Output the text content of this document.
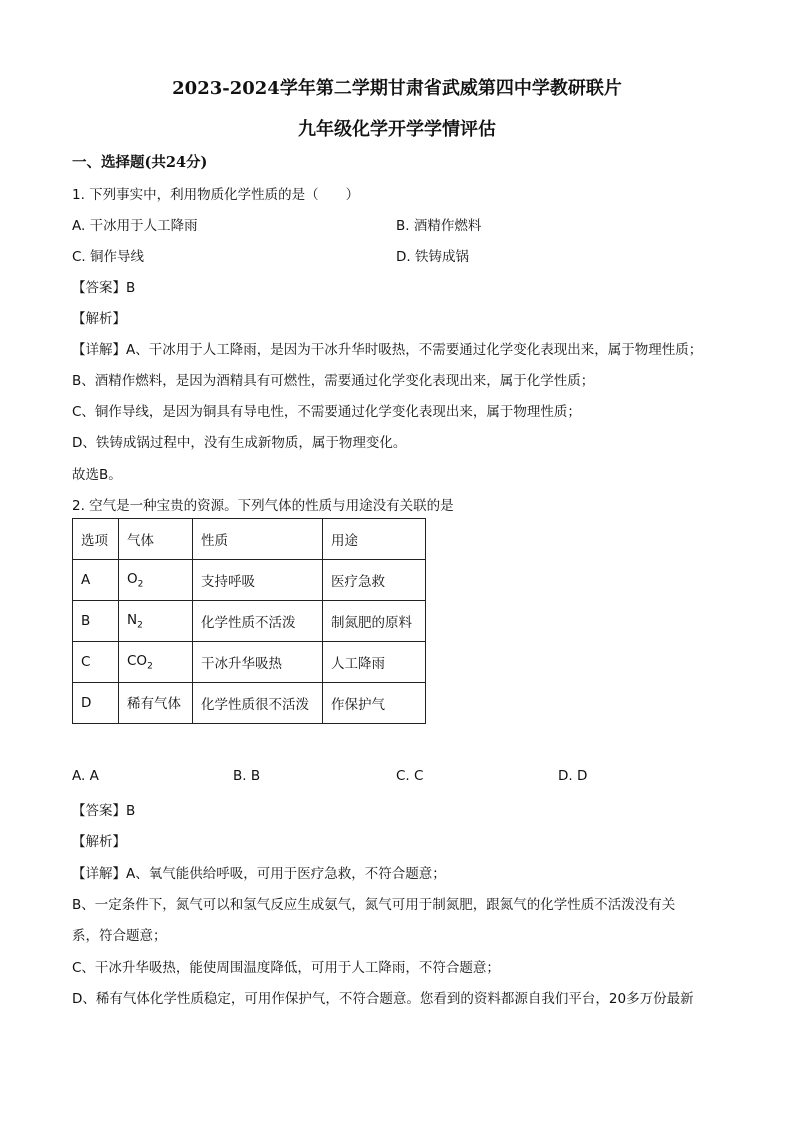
2023-2024学年第二学期甘肃省武威第四中学教研联片
九年级化学开学学情评估
一、选择题(共24分)
1. 下列事实中，利用物质化学性质的是（　　）
A. 干冰用于人工降雨	B. 酒精作燃料
C. 铜作导线	D. 铁铸成锅
【答案】B
【解析】
【详解】A、干冰用于人工降雨，是因为干冰升华时吸热，不需要通过化学变化表现出来，属于物理性质；
B、酒精作燃料，是因为酒精具有可燃性，需要通过化学变化表现出来，属于化学性质；
C、铜作导线，是因为铜具有导电性，不需要通过化学变化表现出来，属于物理性质；
D、铁铸成锅过程中，没有生成新物质，属于物理变化。
故选B。
2. 空气是一种宝贵的资源。下列气体的性质与用途没有关联的是
选项	气体	性质	用途
A	$O_2$	支持呼吸	医疗急救
B	$N_2$	化学性质不活泼	制氮肥的原料
C	$CO_2$	干冰升华吸热	人工降雨
D	稀有气体	化学性质很不活泼	作保护气
A. A	B. B	C. C	D. D
【答案】B
【解析】
【详解】A、氧气能供给呼吸，可用于医疗急救，不符合题意；
B、一定条件下，氮气可以和氢气反应生成氨气，氮气可用于制氮肥，跟氮气的化学性质不活泼没有关
系，符合题意；
C、干冰升华吸热，能使周围温度降低，可用于人工降雨，不符合题意；
D、稀有气体化学性质稳定，可用作保护气，不符合题意。您看到的资料都源自我们平台，20多万份最新
